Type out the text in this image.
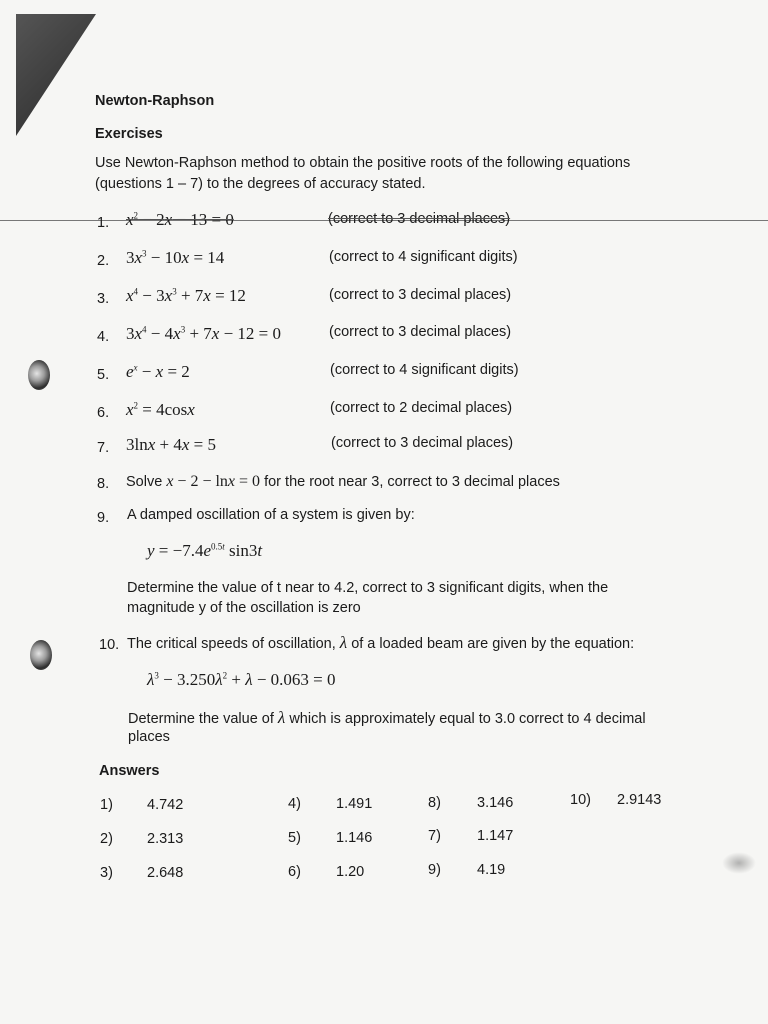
Newton-Raphson
Exercises
Use Newton-Raphson method to obtain the positive roots of the following equations
(questions 1 – 7) to the degrees of accuracy stated.
1. $x^2 - 2x - 13 = 0$	(correct to 3 decimal places)
2. $3x^3 - 10x = 14$	(correct to 4 significant digits)
3. $x^4 - 3x^3 + 7x = 12$	(correct to 3 decimal places)
4. $3x^4 - 4x^3 + 7x - 12 = 0$	(correct to 3 decimal places)
5. $e^x - x = 2$	(correct to 4 significant digits)
6. $x^2 = 4\cos x$	(correct to 2 decimal places)
7. 3lnx + 4x = 5	(correct to 3 decimal places)
8. Solve x − 2 − lnx = 0 for the root near 3, correct to 3 decimal places
9. A damped oscillation of a system is given by:
$y = -7.4e^{0.5t}$ sin3t
Determine the value of t near to 4.2, correct to 3 significant digits, when the
magnitude y of the oscillation is zero
10. The critical speeds of oscillation, λ of a loaded beam are given by the equation:
$\lambda^3 - 3.250\lambda^2 + \lambda - 0.063 = 0$
Determine the value of λ which is approximately equal to 3.0 correct to 4 decimal
places
Answers
1) 4.742
2) 2.313
3) 2.648
4) 1.491
5) 1.146
6) 1.20
8) 3.146
7) 1.147
9) 4.19
10) 2.9143
